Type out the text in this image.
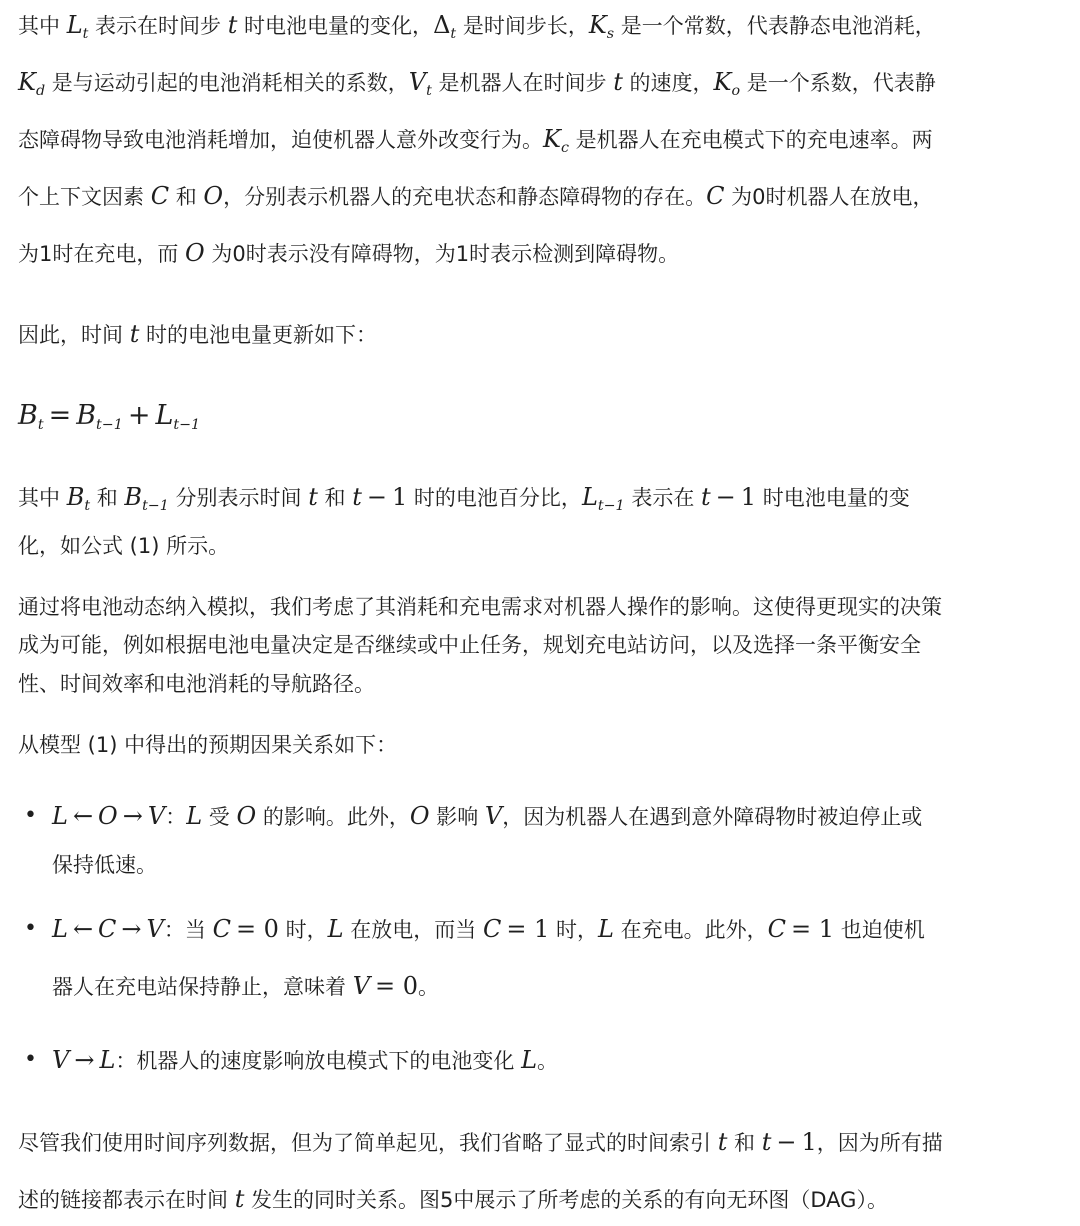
其中 $L_t$ 表示在时间步 t 时电池电量的变化，$\Delta_t$ 是时间步长，$K_s$ 是一个常数，代表静态电池消耗，
$K_d$ 是与运动引起的电池消耗相关的系数，$V_t$ 是机器人在时间步 t 的速度，$K_o$ 是一个系数，代表静
态障碍物导致电池消耗增加，迫使机器人意外改变行为。$K_c$ 是机器人在充电模式下的充电速率。两
个上下文因素 C 和 O，分别表示机器人的充电状态和静态障碍物的存在。C 为0时机器人在放电，
为1时在充电，而 O 为0时表示没有障碍物，为1时表示检测到障碍物。
因此，时间 t 时的电池电量更新如下：
$B_t = B_{t-1} + L_{t-1}$
其中 $B_t$ 和 $B_{t-1}$ 分别表示时间 t 和 t − 1 时的电池百分比，$L_{t-1}$ 表示在 t − 1 时电池电量的变
化，如公式 (1) 所示。
通过将电池动态纳入模拟，我们考虑了其消耗和充电需求对机器人操作的影响。这使得更现实的决策
成为可能，例如根据电池电量决定是否继续或中止任务，规划充电站访问，以及选择一条平衡安全
性、时间效率和电池消耗的导航路径。
从模型 (1) 中得出的预期因果关系如下：
• L ← O → V：L 受 O 的影响。此外，O 影响 V，因为机器人在遇到意外障碍物时被迫停止或
保持低速。
• L ← C → V：当 C = 0 时，L 在放电，而当 C = 1 时，L 在充电。此外，C = 1 也迫使机
器人在充电站保持静止，意味着 V = 0。
• V → L：机器人的速度影响放电模式下的电池变化 L。
尽管我们使用时间序列数据，但为了简单起见，我们省略了显式的时间索引 t 和 t − 1，因为所有描
述的链接都表示在时间 t 发生的同时关系。图5中展示了所考虑的关系的有向无环图（DAG）。
